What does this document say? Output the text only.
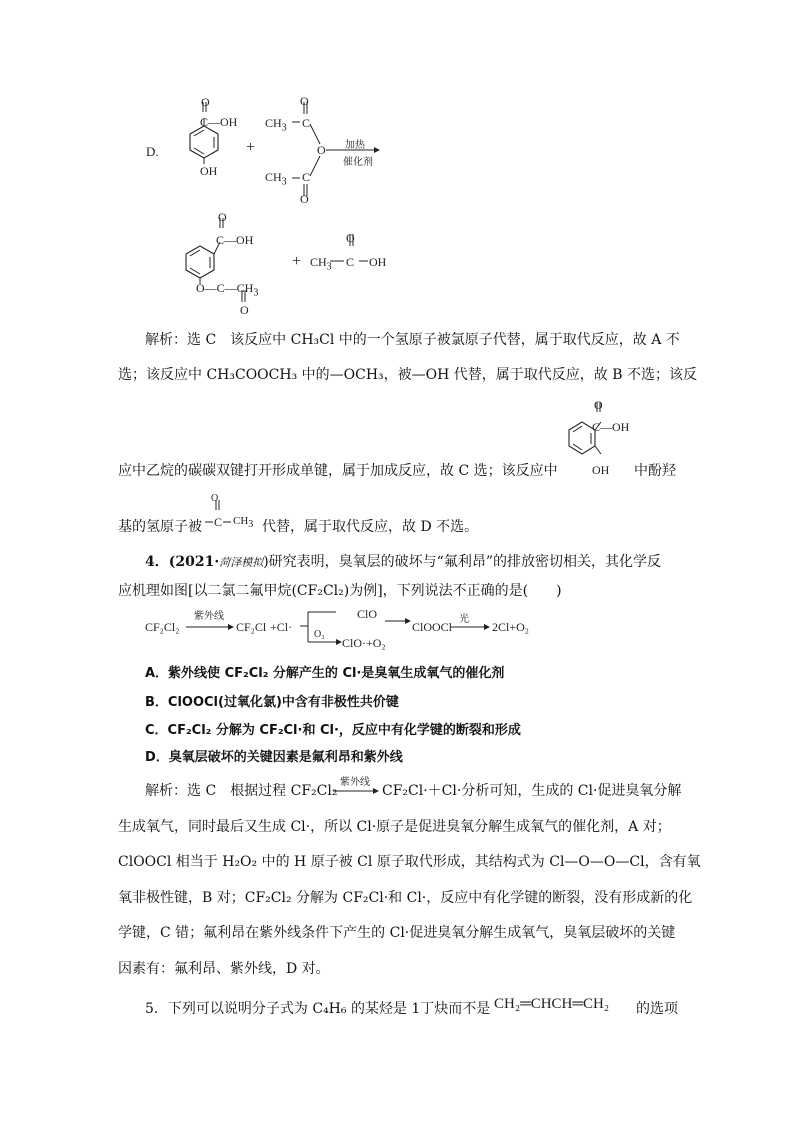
D.
O
C—OH
OH
+
O
$CH_3$ C
O
$CH_3$ C
O
加热
催化剂
O
C—OH
$O—C—CH_3$
O
+
O
$CH_3$ C OH
解析：选 C　该反应中 CH₃Cl 中的一个氢原子被氯原子代替，属于取代反应，故 A 不
选；该反应中 CH₃COOCH₃ 中的—OCH₃，被—OH 代替，属于取代反应，故 B 不选；该反
O
C—OH
OH
应中乙烷的碳碳双键打开形成单键，属于加成反应，故 C 选；该反应中	中酚羟
基的氢原子被
O
C $CH_3$ 代替，属于取代反应，故 D 不选。
4．(2021·菏泽模拟)研究表明，臭氧层的破坏与“氟利昂”的排放密切相关，其化学反
应机理如图[以二氯二氟甲烷(CF₂Cl₂)为例]，下列说法不正确的是(　　)
CF₂Cl₂
紫外线
CF₂Cl +Cl·
O₃
ClO
ClO·+O₂
ClOOCl
光
2Cl+O₂
A．紫外线使 CF₂Cl₂ 分解产生的 Cl·是臭氧生成氧气的催化剂
B．ClOOCl(过氧化氯)中含有非极性共价键
C．CF₂Cl₂ 分解为 CF₂Cl·和 Cl·，反应中有化学键的断裂和形成
D．臭氧层破坏的关键因素是氟利昂和紫外线
解析：选 C　根据过程 CF₂Cl₂
紫外线
CF₂Cl·＋Cl·分析可知，生成的 Cl·促进臭氧分解
生成氧气，同时最后又生成 Cl·，所以 Cl·原子是促进臭氧分解生成氧气的催化剂，A 对；
ClOOCl 相当于 H₂O₂ 中的 H 原子被 Cl 原子取代形成，其结构式为 Cl—O—O—Cl，含有氧
氧非极性键，B 对；CF₂Cl₂ 分解为 CF₂Cl·和 Cl·，反应中有化学键的断裂，没有形成新的化
学键，C 错；氟利昂在紫外线条件下产生的 Cl·促进臭氧分解生成氧气，臭氧层破坏的关键
因素有：氟利昂、紫外线，D 对。
5．下列可以说明分子式为 C₄H₆ 的某烃是 1丁炔而不是 CH₂═CHCH═CH₂ 的选项
